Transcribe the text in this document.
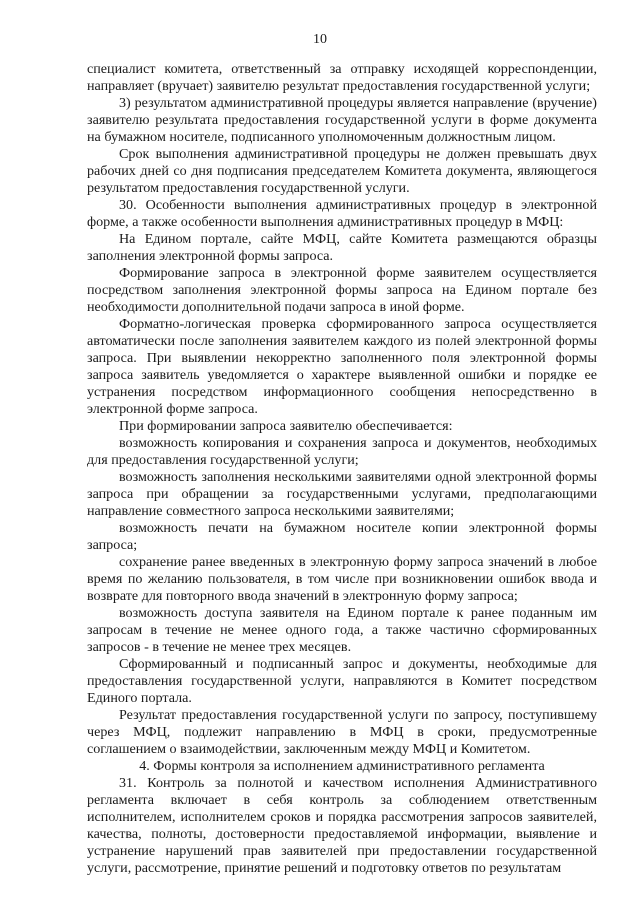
10

специалист комитета, ответственный за отправку исходящей корреспонденции, направляет (вручает) заявителю результат предоставления государственной услуги;

3) результатом административной процедуры является направление (вручение) заявителю результата предоставления государственной услуги в форме документа на бумажном носителе, подписанного уполномоченным должностным лицом.

Срок выполнения административной процедуры не должен превышать двух рабочих дней со дня подписания председателем Комитета документа, являющегося результатом предоставления государственной услуги.

30. Особенности выполнения административных процедур в электронной форме, а также особенности выполнения административных процедур в МФЦ:

На Едином портале, сайте МФЦ, сайте Комитета размещаются образцы заполнения электронной формы запроса.

Формирование запроса в электронной форме заявителем осуществляется посредством заполнения электронной формы запроса на Едином портале без необходимости дополнительной подачи запроса в иной форме.

Форматно-логическая проверка сформированного запроса осуществляется автоматически после заполнения заявителем каждого из полей электронной формы запроса. При выявлении некорректно заполненного поля электронной формы запроса заявитель уведомляется о характере выявленной ошибки и порядке ее устранения посредством информационного сообщения непосредственно в электронной форме запроса.

При формировании запроса заявителю обеспечивается:

возможность копирования и сохранения запроса и документов, необходимых для предоставления государственной услуги;

возможность заполнения несколькими заявителями одной электронной формы запроса при обращении за государственными услугами, предполагающими направление совместного запроса несколькими заявителями;

возможность печати на бумажном носителе копии электронной формы запроса;

сохранение ранее введенных в электронную форму запроса значений в любое время по желанию пользователя, в том числе при возникновении ошибок ввода и возврате для повторного ввода значений в электронную форму запроса;

возможность доступа заявителя на Едином портале к ранее поданным им запросам в течение не менее одного года, а также частично сформированных запросов - в течение не менее трех месяцев.

Сформированный и подписанный запрос и документы, необходимые для предоставления государственной услуги, направляются в Комитет посредством Единого портала.

Результат предоставления государственной услуги по запросу, поступившему через МФЦ, подлежит направлению в МФЦ в сроки, предусмотренные соглашением о взаимодействии, заключенным между МФЦ и Комитетом.

4. Формы контроля за исполнением административного регламента

31. Контроль за полнотой и качеством исполнения Административного регламента включает в себя контроль за соблюдением ответственным исполнителем, исполнителем сроков и порядка рассмотрения запросов заявителей, качества, полноты, достоверности предоставляемой информации, выявление и устранение нарушений прав заявителей при предоставлении государственной услуги, рассмотрение, принятие решений и подготовку ответов по результатам
